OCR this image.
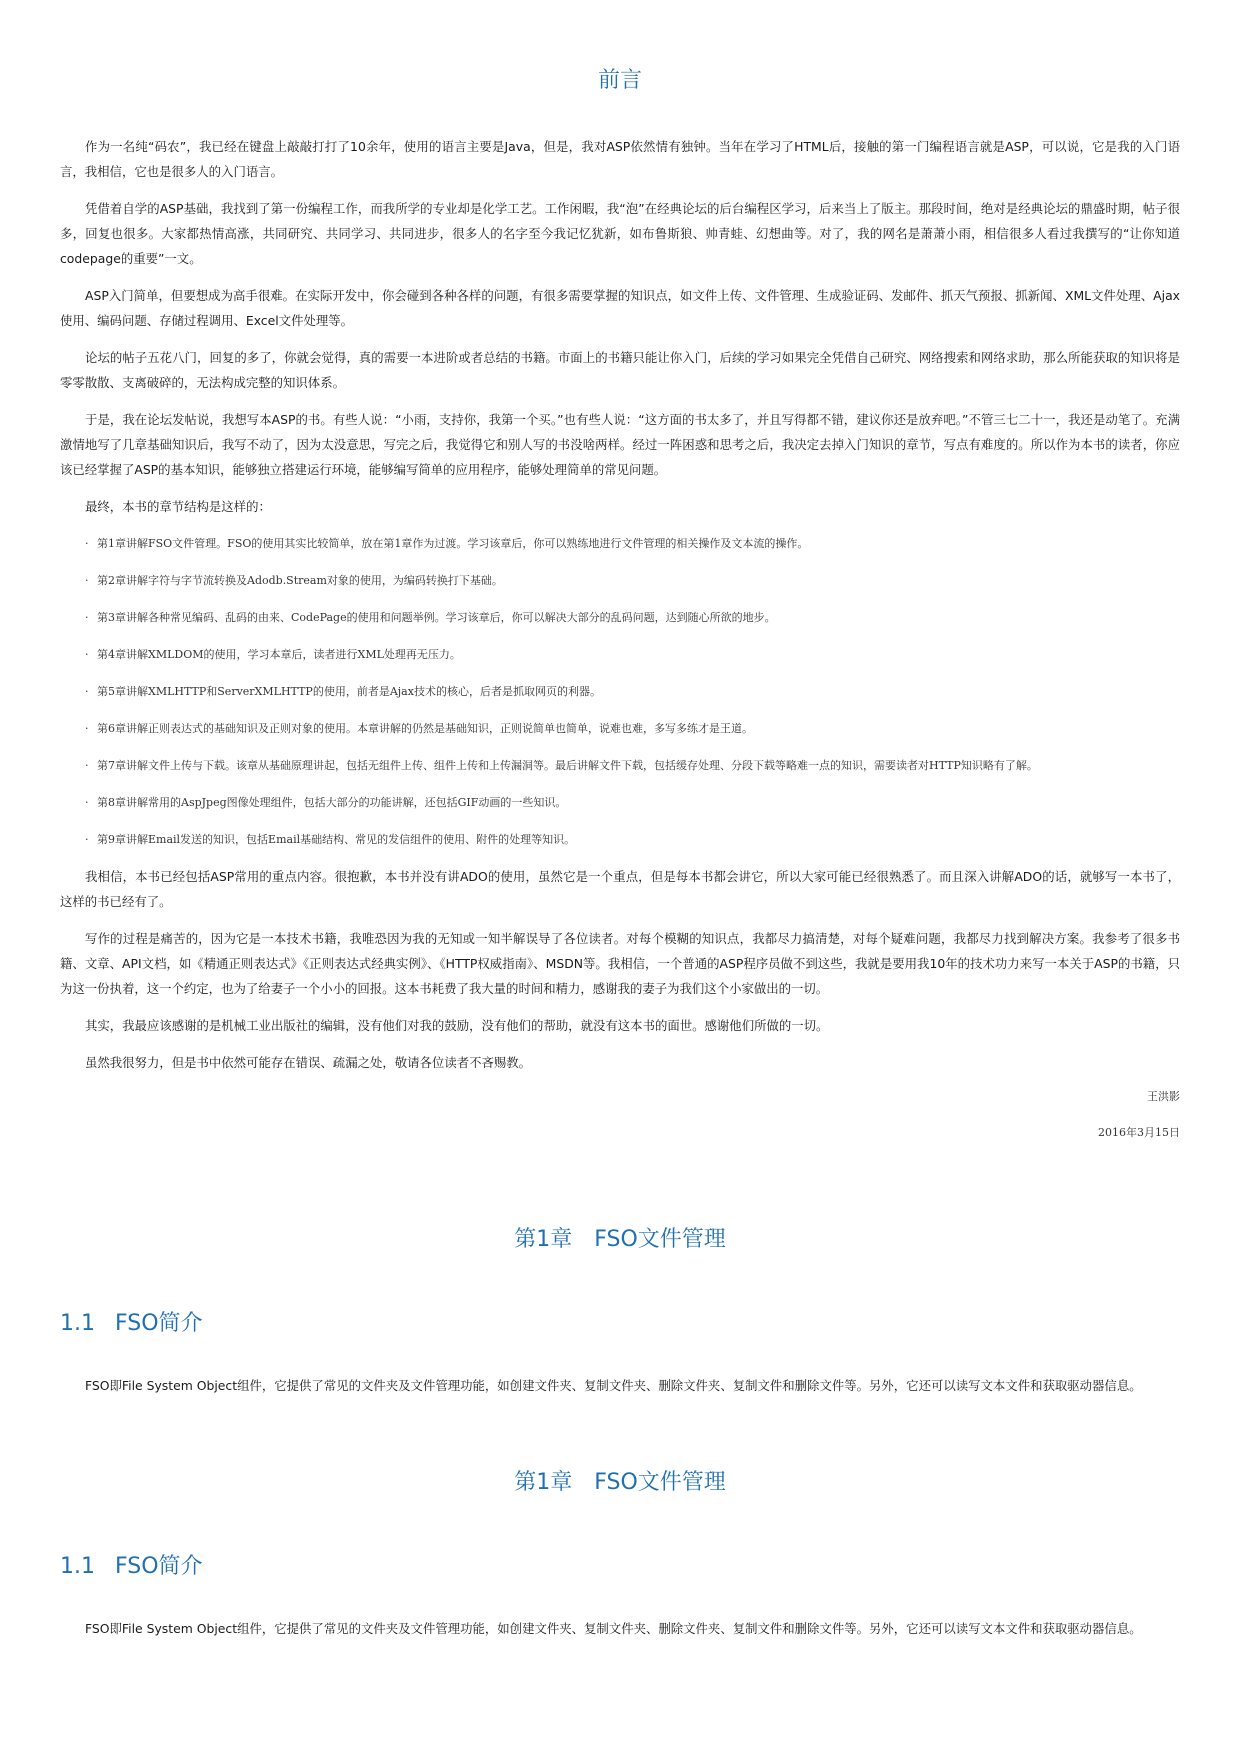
前言

作为一名纯“码农”，我已经在键盘上敲敲打打了10余年，使用的语言主要是Java，但是，我对ASP依然情有独钟。当年在学习了HTML后，接触的第一门编程语言就是ASP，可以说，它是我的入门语言，我相信，它也是很多人的入门语言。

凭借着自学的ASP基础，我找到了第一份编程工作，而我所学的专业却是化学工艺。工作闲暇，我“泡”在经典论坛的后台编程区学习，后来当上了版主。那段时间，绝对是经典论坛的鼎盛时期，帖子很多，回复也很多。大家都热情高涨，共同研究、共同学习、共同进步，很多人的名字至今我记忆犹新，如布鲁斯狼、帅青蛙、幻想曲等。对了，我的网名是萧萧小雨，相信很多人看过我撰写的“让你知道codepage的重要”一文。

ASP入门简单，但要想成为高手很难。在实际开发中，你会碰到各种各样的问题，有很多需要掌握的知识点，如文件上传、文件管理、生成验证码、发邮件、抓天气预报、抓新闻、XML文件处理、Ajax使用、编码问题、存储过程调用、Excel文件处理等。

论坛的帖子五花八门，回复的多了，你就会觉得，真的需要一本进阶或者总结的书籍。市面上的书籍只能让你入门，后续的学习如果完全凭借自己研究、网络搜索和网络求助，那么所能获取的知识将是零零散散、支离破碎的，无法构成完整的知识体系。

于是，我在论坛发帖说，我想写本ASP的书。有些人说：“小雨，支持你，我第一个买。”也有些人说：“这方面的书太多了，并且写得都不错，建议你还是放弃吧。”不管三七二十一，我还是动笔了。充满激情地写了几章基础知识后，我写不动了，因为太没意思，写完之后，我觉得它和别人写的书没啥两样。经过一阵困惑和思考之后，我决定去掉入门知识的章节，写点有难度的。所以作为本书的读者，你应该已经掌握了ASP的基本知识，能够独立搭建运行环境，能够编写简单的应用程序，能够处理简单的常见问题。

最终，本书的章节结构是这样的：

· 第1章讲解FSO文件管理。FSO的使用其实比较简单，放在第1章作为过渡。学习该章后，你可以熟练地进行文件管理的相关操作及文本流的操作。
· 第2章讲解字符与字节流转换及Adodb.Stream对象的使用，为编码转换打下基础。
· 第3章讲解各种常见编码、乱码的由来、CodePage的使用和问题举例。学习该章后，你可以解决大部分的乱码问题，达到随心所欲的地步。
· 第4章讲解XMLDOM的使用，学习本章后，读者进行XML处理再无压力。
· 第5章讲解XMLHTTP和ServerXMLHTTP的使用，前者是Ajax技术的核心，后者是抓取网页的利器。
· 第6章讲解正则表达式的基础知识及正则对象的使用。本章讲解的仍然是基础知识，正则说简单也简单，说难也难，多写多练才是王道。
· 第7章讲解文件上传与下载。该章从基础原理讲起，包括无组件上传、组件上传和上传漏洞等。最后讲解文件下载，包括缓存处理、分段下载等略难一点的知识，需要读者对HTTP知识略有了解。
· 第8章讲解常用的AspJpeg图像处理组件，包括大部分的功能讲解，还包括GIF动画的一些知识。
· 第9章讲解Email发送的知识，包括Email基础结构、常见的发信组件的使用、附件的处理等知识。

我相信，本书已经包括ASP常用的重点内容。很抱歉，本书并没有讲ADO的使用，虽然它是一个重点，但是每本书都会讲它，所以大家可能已经很熟悉了。而且深入讲解ADO的话，就够写一本书了，这样的书已经有了。

写作的过程是痛苦的，因为它是一本技术书籍，我唯恐因为我的无知或一知半解误导了各位读者。对每个模糊的知识点，我都尽力搞清楚，对每个疑难问题，我都尽力找到解决方案。我参考了很多书籍、文章、API文档，如《精通正则表达式》《正则表达式经典实例》、《HTTP权威指南》、MSDN等。我相信，一个普通的ASP程序员做不到这些，我就是要用我10年的技术功力来写一本关于ASP的书籍，只为这一份执着，这一个约定，也为了给妻子一个小小的回报。这本书耗费了我大量的时间和精力，感谢我的妻子为我们这个小家做出的一切。

其实，我最应该感谢的是机械工业出版社的编辑，没有他们对我的鼓励，没有他们的帮助，就没有这本书的面世。感谢他们所做的一切。

虽然我很努力，但是书中依然可能存在错误、疏漏之处，敬请各位读者不吝赐教。

王洪影

2016年3月15日

第1章 FSO文件管理
1.1 FSO简介

FSO即File System Object组件，它提供了常见的文件夹及文件管理功能，如创建文件夹、复制文件夹、删除文件夹、复制文件和删除文件等。另外，它还可以读写文本文件和获取驱动器信息。

第1章 FSO文件管理
1.1 FSO简介

FSO即File System Object组件，它提供了常见的文件夹及文件管理功能，如创建文件夹、复制文件夹、删除文件夹、复制文件和删除文件等。另外，它还可以读写文本文件和获取驱动器信息。
